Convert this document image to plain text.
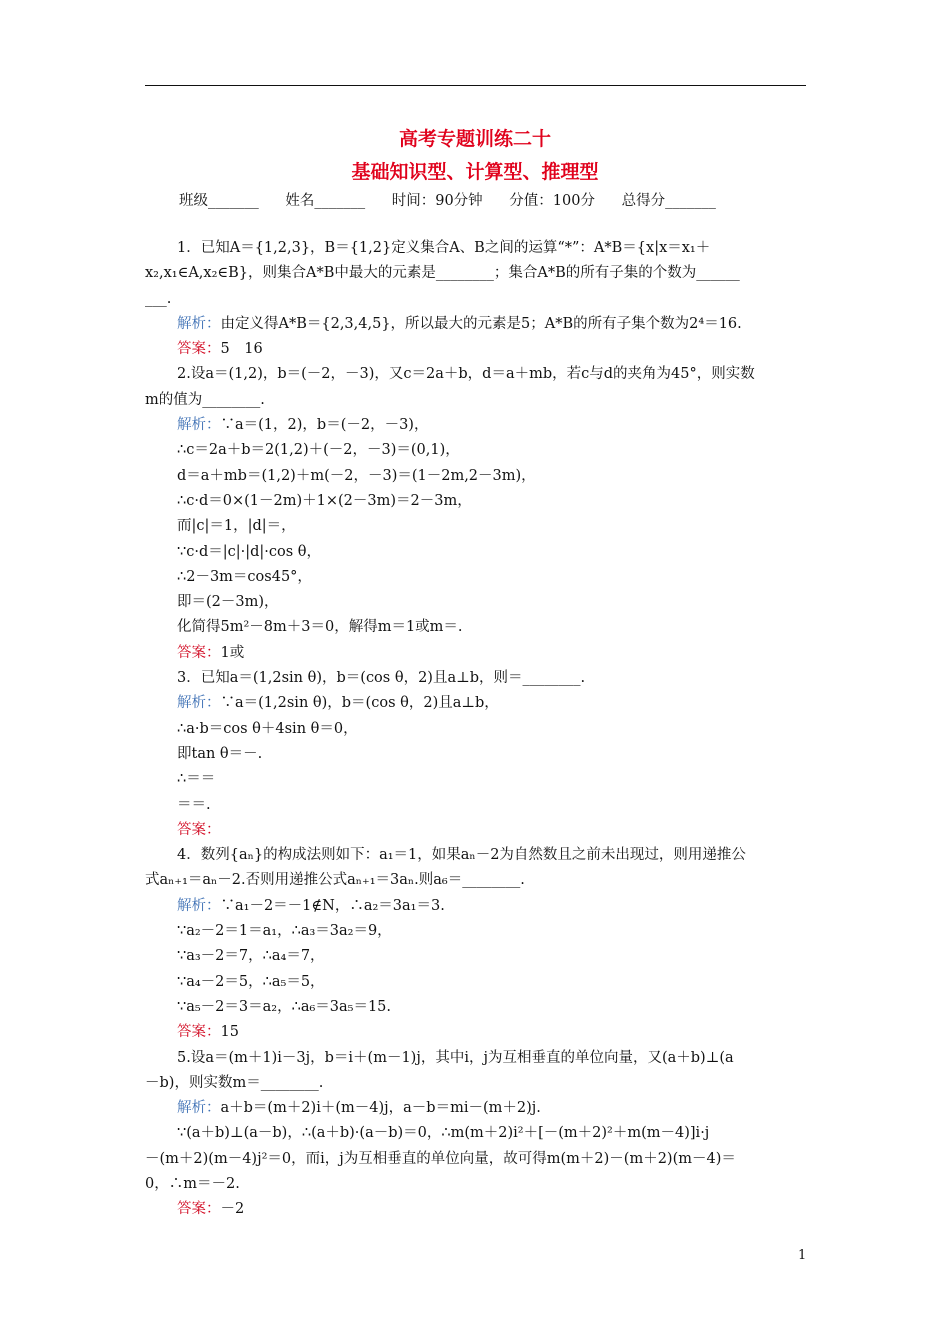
高考专题训练二十
基础知识型、计算型、推理型
班级_______ 姓名_______ 时间：90分钟 分值：100分 总得分_______
1．已知A＝{1,2,3}，B＝{1,2}定义集合A、B之间的运算“*”：A*B＝{x|x＝x₁＋
x₂,x₁∈A,x₂∈B}，则集合A*B中最大的元素是________；集合A*B的所有子集的个数为______
___.
解析：由定义得A*B＝{2,3,4,5}，所以最大的元素是5；A*B的所有子集个数为2⁴＝16.
答案：5　16
2.设a＝(1,2)，b＝(－2，－3)，又c＝2a＋b，d＝a＋mb，若c与d的夹角为45°，则实数
m的值为________.
解析：∵a＝(1，2)，b＝(－2，－3)，
∴c＝2a＋b＝2(1,2)＋(－2，－3)＝(0,1)，
d＝a＋mb＝(1,2)＋m(－2，－3)＝(1－2m,2－3m)，
∴c·d＝0×(1－2m)＋1×(2－3m)＝2－3m，
而|c|＝1，|d|＝，
∵c·d＝|c|·|d|·cos θ，
∴2－3m＝cos45°，
即＝(2－3m)，
化简得5m²－8m＋3＝0，解得m＝1或m＝.
答案：1或
3．已知a＝(1,2sin θ)，b＝(cos θ，2)且a⊥b，则＝________.
解析：∵a＝(1,2sin θ)，b＝(cos θ，2)且a⊥b，
∴a·b＝cos θ＋4sin θ＝0，
即tan θ＝－.
∴＝＝
＝＝.
答案：
4．数列{aₙ}的构成法则如下：a₁＝1，如果aₙ－2为自然数且之前未出现过，则用递推公
式aₙ₊₁＝aₙ－2.否则用递推公式aₙ₊₁＝3aₙ.则a₆＝________.
解析：∵a₁－2＝－1∉N，∴a₂＝3a₁＝3.
∵a₂－2＝1＝a₁，∴a₃＝3a₂＝9，
∵a₃－2＝7，∴a₄＝7，
∵a₄－2＝5，∴a₅＝5，
∵a₅－2＝3＝a₂，∴a₆＝3a₅＝15.
答案：15
5.设a＝(m＋1)i－3j，b＝i＋(m－1)j，其中i，j为互相垂直的单位向量，又(a＋b)⊥(a
－b)，则实数m＝________.
解析：a＋b＝(m＋2)i＋(m－4)j，a－b＝mi－(m＋2)j.
∵(a＋b)⊥(a－b)，∴(a＋b)·(a－b)＝0，∴m(m＋2)i²＋[－(m＋2)²＋m(m－4)]i·j
－(m＋2)(m－4)j²＝0，而i，j为互相垂直的单位向量，故可得m(m＋2)－(m＋2)(m－4)＝
0，∴m＝－2.
答案：－2
1
